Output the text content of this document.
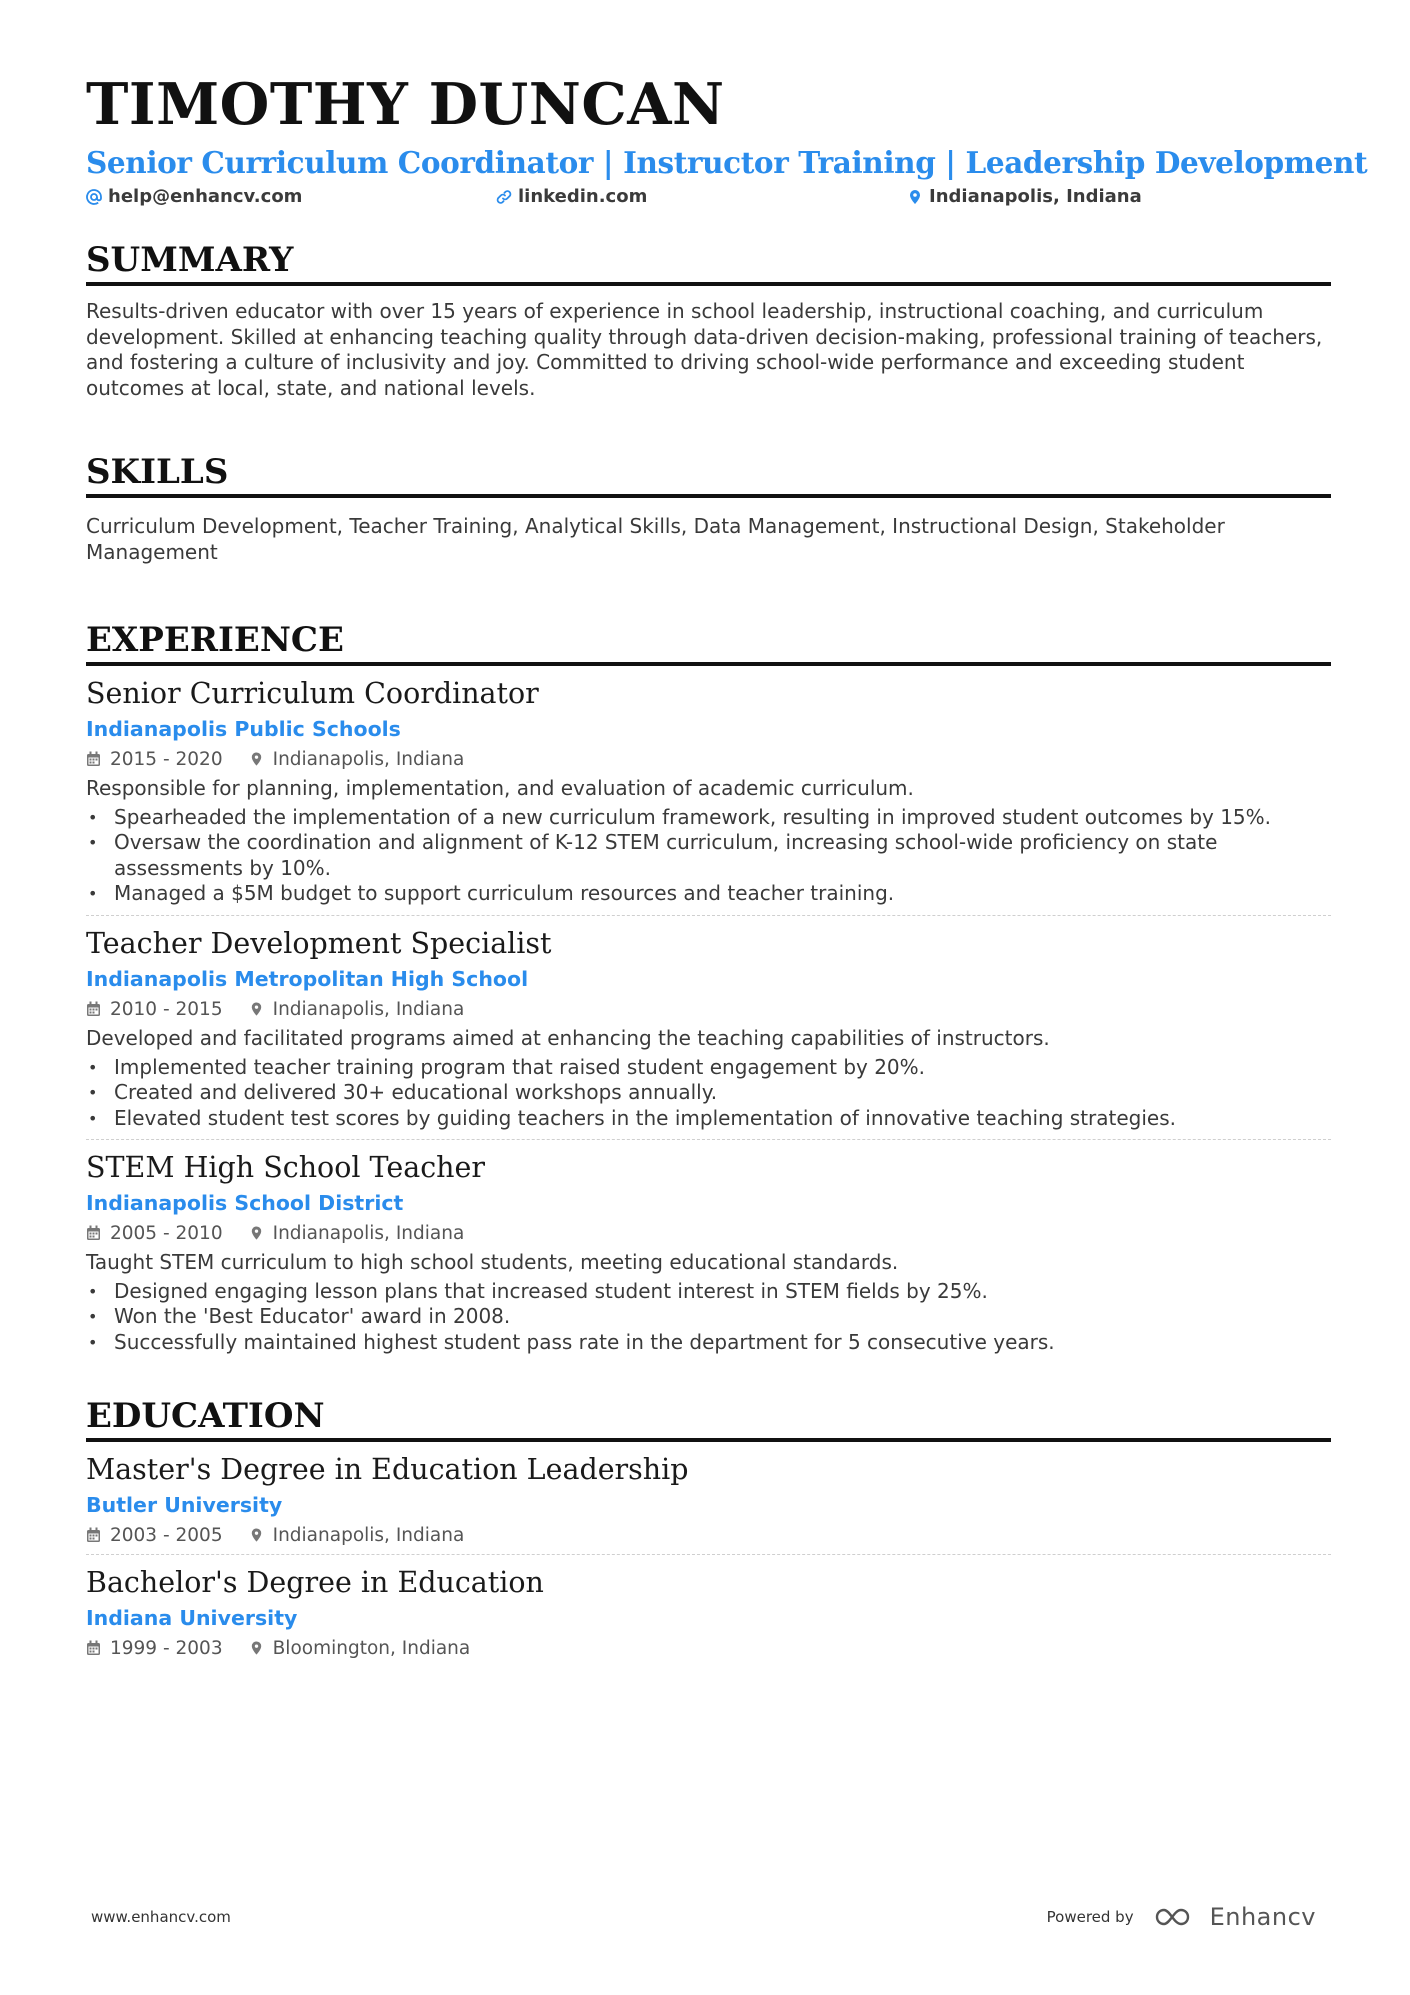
TIMOTHY DUNCAN
Senior Curriculum Coordinator | Instructor Training | Leadership Development
help@enhancv.com	linkedin.com	Indianapolis, Indiana
SUMMARY
Results-driven educator with over 15 years of experience in school leadership, instructional coaching, and curriculum development. Skilled at enhancing teaching quality through data-driven decision-making, professional training of teachers, and fostering a culture of inclusivity and joy. Committed to driving school-wide performance and exceeding student outcomes at local, state, and national levels.
SKILLS
Curriculum Development, Teacher Training, Analytical Skills, Data Management, Instructional Design, Stakeholder Management
EXPERIENCE
Senior Curriculum Coordinator
Indianapolis Public Schools
2015 - 2020	Indianapolis, Indiana
Responsible for planning, implementation, and evaluation of academic curriculum.
• Spearheaded the implementation of a new curriculum framework, resulting in improved student outcomes by 15%.
• Oversaw the coordination and alignment of K-12 STEM curriculum, increasing school-wide proficiency on state assessments by 10%.
• Managed a $5M budget to support curriculum resources and teacher training.
Teacher Development Specialist
Indianapolis Metropolitan High School
2010 - 2015	Indianapolis, Indiana
Developed and facilitated programs aimed at enhancing the teaching capabilities of instructors.
• Implemented teacher training program that raised student engagement by 20%.
• Created and delivered 30+ educational workshops annually.
• Elevated student test scores by guiding teachers in the implementation of innovative teaching strategies.
STEM High School Teacher
Indianapolis School District
2005 - 2010	Indianapolis, Indiana
Taught STEM curriculum to high school students, meeting educational standards.
• Designed engaging lesson plans that increased student interest in STEM fields by 25%.
• Won the 'Best Educator' award in 2008.
• Successfully maintained highest student pass rate in the department for 5 consecutive years.
EDUCATION
Master's Degree in Education Leadership
Butler University
2003 - 2005	Indianapolis, Indiana
Bachelor's Degree in Education
Indiana University
1999 - 2003	Bloomington, Indiana
www.enhancv.com	Powered by	Enhancv
